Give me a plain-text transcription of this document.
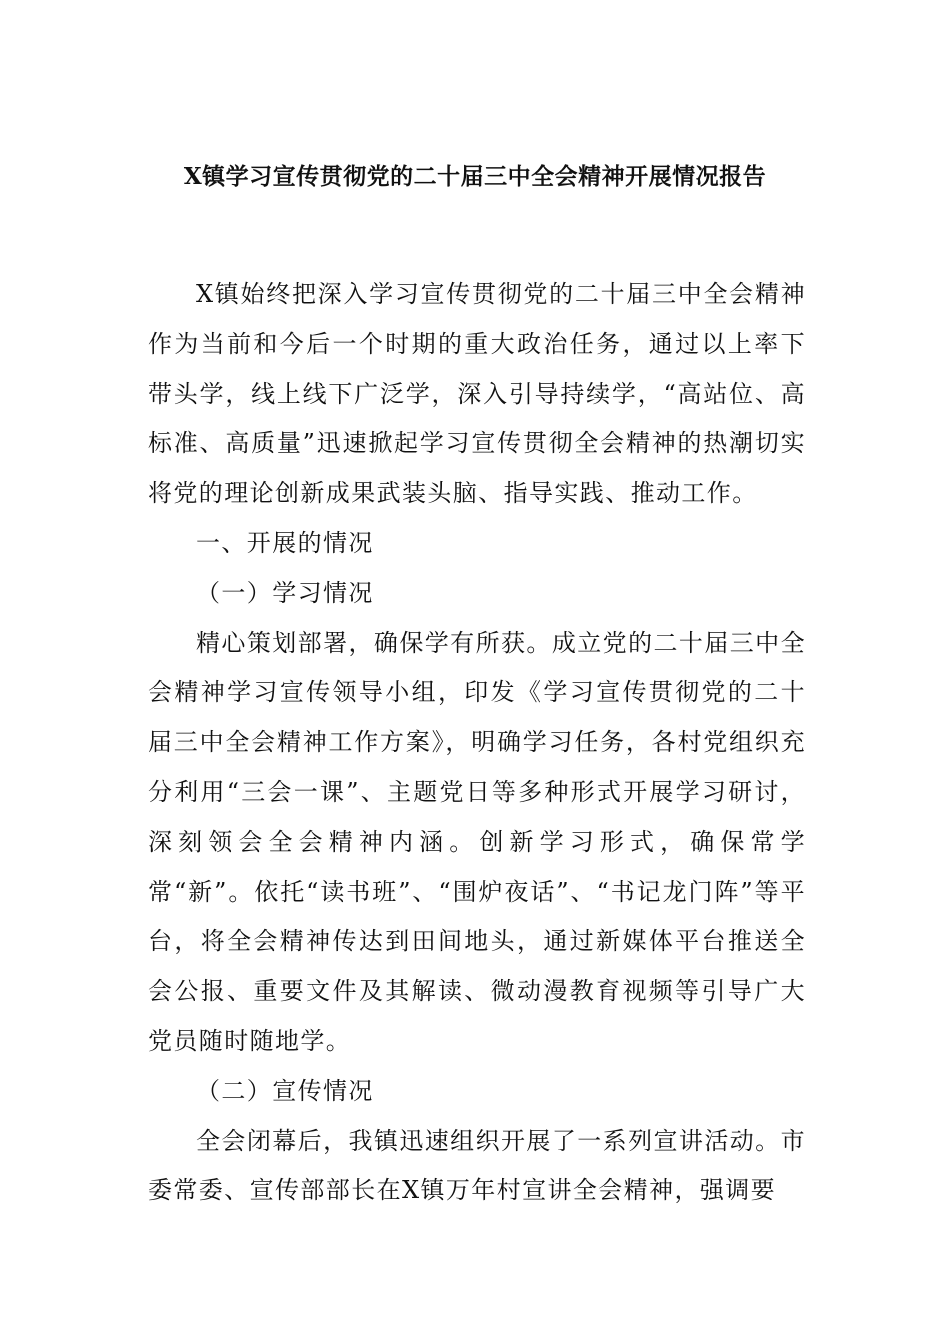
X镇学习宣传贯彻党的二十届三中全会精神开展情况报告

X镇始终把深入学习宣传贯彻党的二十届三中全会精神作为当前和今后一个时期的重大政治任务，通过以上率下带头学，线上线下广泛学，深入引导持续学，“高站位、高标准、高质量”迅速掀起学习宣传贯彻全会精神的热潮切实将党的理论创新成果武装头脑、指导实践、推动工作。

一、开展的情况

（一）学习情况

精心策划部署，确保学有所获。成立党的二十届三中全会精神学习宣传领导小组，印发《学习宣传贯彻党的二十届三中全会精神工作方案》，明确学习任务，各村党组织充分利用“三会一课”、主题党日等多种形式开展学习研讨，深刻领会全会精神内涵。创新学习形式，确保常学常“新”。依托“读书班”、“围炉夜话”、“书记龙门阵”等平台，将全会精神传达到田间地头，通过新媒体平台推送全会公报、重要文件及其解读、微动漫教育视频等引导广大党员随时随地学。

（二）宣传情况

全会闭幕后，我镇迅速组织开展了一系列宣讲活动。市委常委、宣传部部长在X镇万年村宣讲全会精神，强调要
